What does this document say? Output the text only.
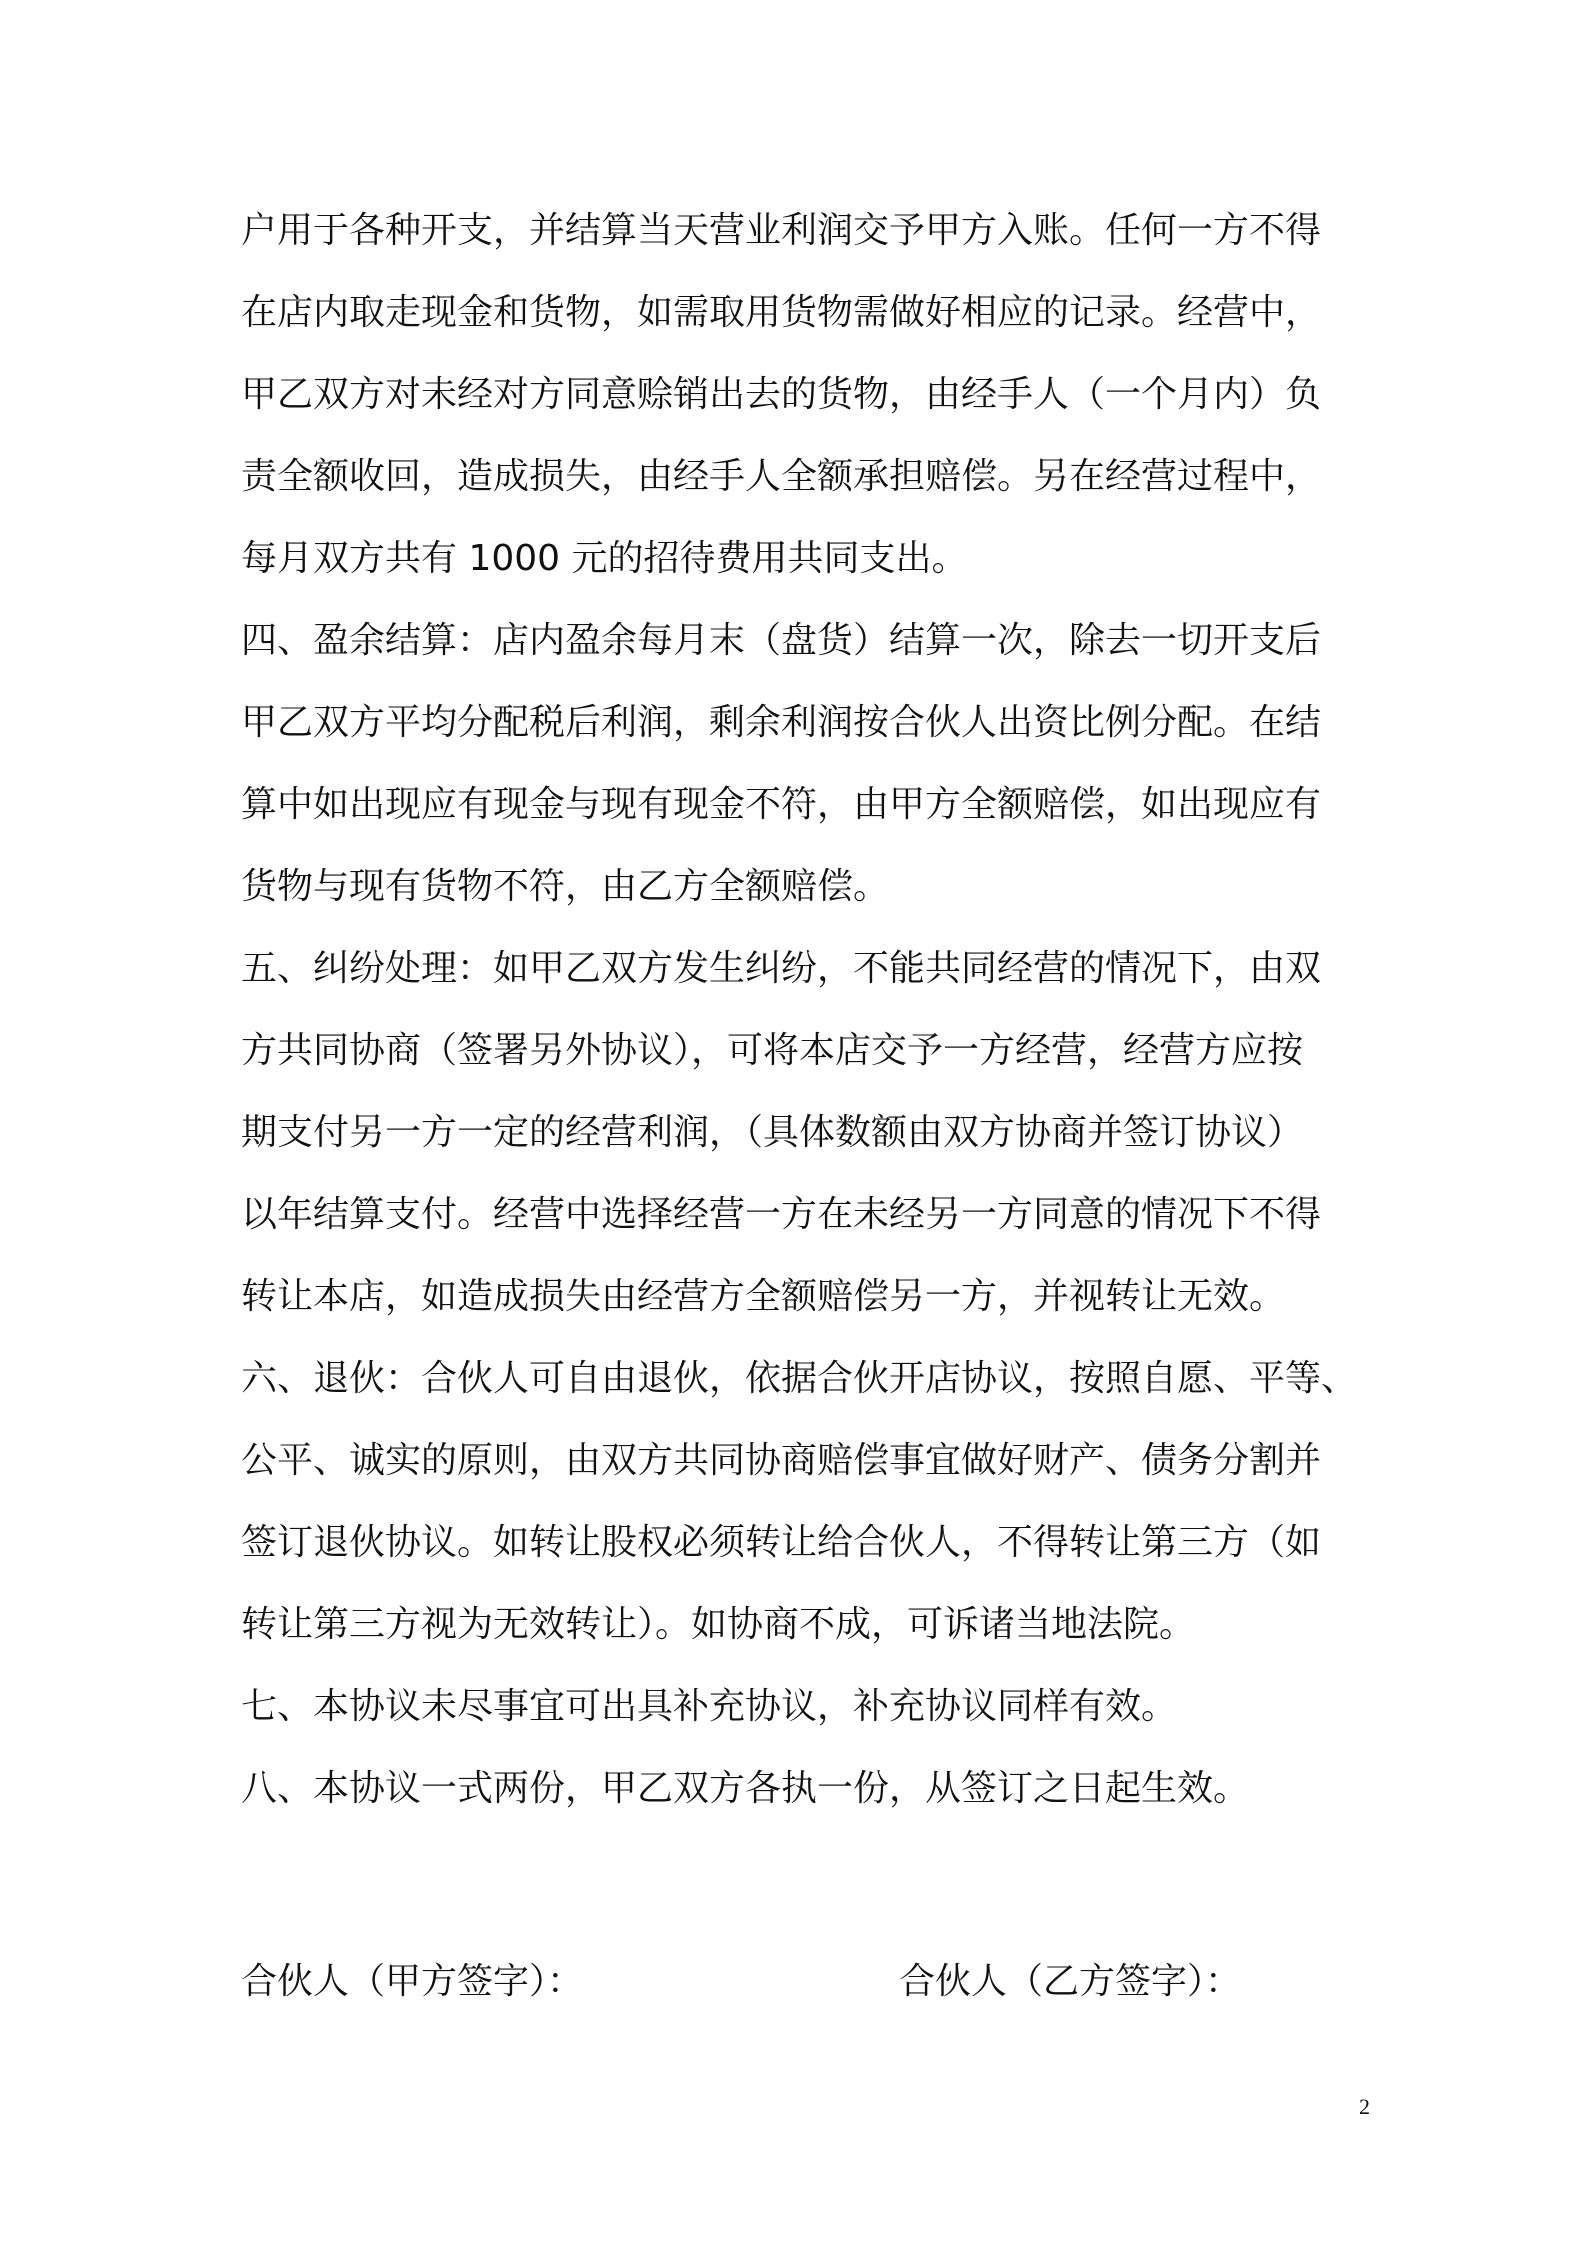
户用于各种开支，并结算当天营业利润交予甲方入账。任何一方不得
在店内取走现金和货物，如需取用货物需做好相应的记录。经营中，
甲乙双方对未经对方同意赊销出去的货物，由经手人（一个月内）负
责全额收回，造成损失，由经手人全额承担赔偿。另在经营过程中，
每月双方共有 1000 元的招待费用共同支出。
四、盈余结算：店内盈余每月末（盘货）结算一次，除去一切开支后
甲乙双方平均分配税后利润，剩余利润按合伙人出资比例分配。在结
算中如出现应有现金与现有现金不符，由甲方全额赔偿，如出现应有
货物与现有货物不符，由乙方全额赔偿。
五、纠纷处理：如甲乙双方发生纠纷，不能共同经营的情况下，由双
方共同协商（签署另外协议），可将本店交予一方经营，经营方应按
期支付另一方一定的经营利润，（具体数额由双方协商并签订协议）
以年结算支付。经营中选择经营一方在未经另一方同意的情况下不得
转让本店，如造成损失由经营方全额赔偿另一方，并视转让无效。
六、退伙：合伙人可自由退伙，依据合伙开店协议，按照自愿、平等、
公平、诚实的原则，由双方共同协商赔偿事宜做好财产、债务分割并
签订退伙协议。如转让股权必须转让给合伙人，不得转让第三方（如
转让第三方视为无效转让）。如协商不成，可诉诸当地法院。
七、本协议未尽事宜可出具补充协议，补充协议同样有效。
八、本协议一式两份，甲乙双方各执一份，从签订之日起生效。
合伙人（甲方签字）：	合伙人（乙方签字）：
2
